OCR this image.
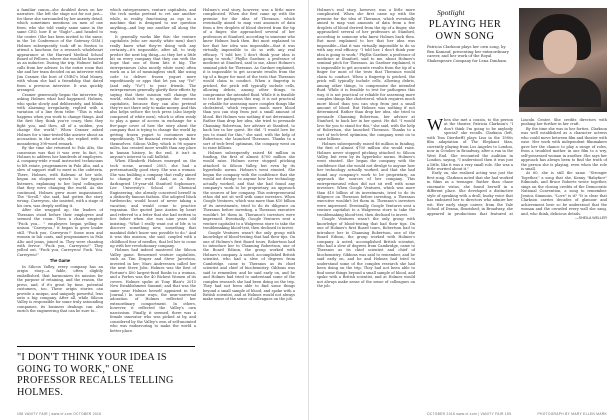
a familiar canon—she doubled down on her narrative. She left the stage not for not just—for these she surrounded by her anxiety detail, which sometimes mentions on men of one from, who she told vanity same same in the same CEO, how E or "Eagle"—and headed to the center. (She has been invited to the same, in the 1st Conference of the Gateway GSM.) Holmes subsequently took off in Boston to attend a luncheon for a research wholeheart appearance at the Harvard Medical School Board of Fellows, where she would be honored as an inductee. During the trip, Holmes' failed calls from her adviser. In the entire room that she and her team decided on an interview with Jim Cramer, the host of CNBC's Mad Money, with whom she had a friendship that dated from a previous interview. It was quickly arranged.

Cramer generously began the interview by asking Holmes what had happened. Holmes, who spoke slowly and deliberately, and blinks with alarming irregularity, replied with a variation of a line from tribe: "This is what happens when you work to change things. And the first they think you're crazy, then they fight you, and then, all of a sudden, you change the world." When Cramer asked Holmes for a time-tested-like answer about an accusation in the article, she replied with a meandering 398-word remark.

By the time she returned to Palo Alto, the consensus was that it was over. In fact, to Holmes to address her hundreds of employees. A company-wide e-mail instructed technicians to lift estate, programmers in Palo Alto, and a slew of support staff to meet in the cafeteria. There, Holmes, with Balwani at her side, began an eloquent speech to her typical listeners, explaining to her loyal colleagues that they were changing the world. As she continued, Holmes grew more impassioned. The "Scroll," she said, had gotten the story wrong. Carreyrou, she insisted, with a stage of his own, was deeply rattling it.

After she wrapped up, the leaders of Theranos stood before their employees and seemed the room. Then a chant erupted: "Fuck you... " employees began yelling in unison. "Carreyrou," it began to grow louder still. "Fuck you, Carreyrou!" Some men and women in lab coats, and programmers in Palo Alto and jeans, joined in. They were chanting with fervor: "Fuck you, Carreyrou!" They yelled out, "Fuck you, Carreyrou! Fuck. You. Carreyrou!"

The Game

In Silicon Valley, every company has an origin story—a fable, often slightly embellished, that harmonizes its mission for the purpose of retaining, and the reason, the press, and, if it's great by time, potential customers, too. These origin stories can provide a unique, and uniquely powerful, lens onto a big company. After all, while Silicon Valley is responsible for some truly astounding companies, its business dealings can also enrich the engineering that can be sure to...

which entrepreneurs, venture capitalists, and the tech media pretend to vet one another while, in reality, functioning as ego in a machine that is designed to use question anything—and buy one another all along the way.

It generally works like this: the venture capitalists (who are mostly white men) don't really know what they're doing with any certainty—it's impossible, after all, to truly predict the next big thing—so they bet a little bit on every company that they can with the hope that one of them hits it big. The entrepreneurs (also mostly white men) often work on a lot of meaningless stuff, like using code to deliver frozen yogurt more expeditiously or apps that let you say "Yo!" (and only "Yo!") to your friends. The entrepreneurs generally glorify their efforts by saying that their mission will change the world, which tends to appease the venture capitalists, because they can also pretend they're not there only to make money. And this also helps seduce the tech press (also largely composed of white men), which is often ready to play a game of access in exchange for a five-page cover of how the story about the company that is trying to change the world by getting frozen yogurt to customers more expeditiously. The financial rewards speak for themselves. Silicon Valley, which is 98 square miles, has created more wealth than any place in human history. In the end, it isn't in anyone's interest to call bullshit.

When Elizabeth Holmes emerged on the tech scene, around 2003, she had a preternaturally good story. She was a woman. She was building a company that really aimed to change the world. And, as a then-darlingried 19-year-old Stanford Sophomore, Lee University's School of Chemical Engineering, she already conceived herself in a distinctly famous fashion. She adopted black turtlenecks; would boast of never taking a vacation; and would come to practice veganism. She quoted Jane Austen by heart and referred to a letter that she had written to her father when she was nine years old insisting, "What I really want out of life is to discover something new, something that mankind didn't know was possible to do." And it was this mission, she said, coupled with a childhood fear of needles, that led her to come up with her revolutionary company.

Holmes had indeed mastered the Silicon Valley game. Renowned venture capitalists, such as Tim Draper and Steve Jurvetson, invested in her; Marc Andreessen called her the next Steve Jobs. Holmes was the first of Fortune's 400 largest-fund Ronks to a woman, and a Forbes was the 40 Richest Women of its covers. Holmes spoke at Tony Blair's 2015 New Establishment Summit; and that was the same year Holmes herself appeared in the Journal.) In some ways, the near-universal adoration of Holmes reflected her extraordinary comportment. In others, however, it reflected the Valley's own narcissism. Finally, it seemed, there was a female innovator who was picked at by, and considered by the Valley's own of self-anointed who was endeavoring to make the world a better place.

Holmes's real story, however, was a little more complicated. When she first came up with the premise for the idea of Theranos, which eventually aimed to map vast amounts of data from a few droplets of blood derived from the tip of a finger, she approached several of her professors at Stanford, according to someone who knew Holmes back then. But most explained to her that her idea was impossible—that it was virtually impossible to do so with any real efficacy. "I told her, I don't think your idea is going to work," Phyllis Gardner, a professor of medicine at Stanford, said to me, about Holmes's seminal pitch for Theranos. As Gardner explained, it is impossible to get accurate results from the tip of a finger for most of the tests that Theranos would claim to conduct. When a fingertip is pricked, the prick will typically include cells, allowing debris, among other things, to compromise the intended fluid. While it is feasible to test for pathogens this way, it is not practical or reliable for assessing more complex things like cholesterol, which requires much more blood than you can stop from just a small amount of blood. But Holmes was nothing if not determined. Rather than drop her idea, she tried to persuade Channing Robertson, her adviser at Stanford, to back her in her quest. He did. "I would love for you to stand for this," she said, with the help of Robertson, she launched Theranos. Thanks to a sort of tech-level optimism, the company went on to raise billions.

Holmes subsequently raised $6 million in funding, the first of almost $700 million she would raise. Holmes never stopped pitching attached to Silicon Valley, but even by its hyperbolic norms. Holmes's went stunted. She began the company with the confidence that she would not divulge to anyone how her technology actually worked, and that she had found any company's work to be proprietary, an approach the sources of her company. This entrepreneurial ethos did not sit well with some investors. When Google Ventures, which was more than $10 billion of its investments, tried to do its diligence on Theranos before investing, a Theranos executive wouldn't let them in. Theranos's investors were impressed. Eventually, Google Ventures sent a venture capitalist to a Walgreens store to take the troublemaking blood-test, then declined to invest.

Google Ventures wasn't the only group with knowledge of blood-testing that had their tips. On one of Holmes's first Board tours, Robertson had to introduce her to Channing Robertson, one of the Board Edison, the group worked with Holmes's company. A noted, accomplished British scientist, who had a slew of degrees from Cambridge, came to Theranos as its chief scientist and chief of biochemistry. Gibbons was said to remember, and he said early on, and he and Holmes had tried to understand some of the complex research she had been doing on the trip. They had not been able to find some things beyond a small sample of blood, and spoke with a British scientist, and at Holmes would not always make sense of the sense of colleagues on the job.

"I DON'T THINK YOUR IDEA IS GOING TO WORK," ONE PROFESSOR RECALLS TELLING HOLMES.
158 VANITY FAIR | www.vf.com OCTOBER 2016

Holmes's real story, however, was a little more complicated. When she first came up with the premise for the idea of Theranos, which eventually aimed to map vast amounts of data from a few droplets of blood derived from the tip of a finger, she approached several of her professors at Stanford, according to someone who knew Holmes back then. But most explained to her that her idea was impossible—that it was virtually impossible to do so with any real efficacy. "I told her, I don't think your idea is going to work," Phyllis Gardner, a professor of medicine at Stanford, said to me, about Holmes's seminal pitch for Theranos. As Gardner explained, it is impossible to get accurate results from the tip of a finger for most of the tests that Theranos would claim to conduct. When a fingertip is pricked, the prick will typically include cells, allowing debris, among other things, to compromise the intended fluid. While it is feasible to test for pathogens this way, it is not practical or reliable for assessing more complex things like cholesterol, which requires much more blood than you can stop from just a small amount of blood. But Holmes was nothing if not determined. Rather than drop her idea, she tried to persuade Channing Robertson, her adviser at Stanford, to back her in her quest. He did. "I would love for you to stand for this," she said, with the help of Robertson, she launched Theranos. Thanks to a sort of tech-level optimism, the company went on to raise billions.

Holmes subsequently raised $6 million in funding, the first of almost $700 million she would raise. Holmes never stopped pitching attached to Silicon Valley, but even by its hyperbolic norms. Holmes's went stunted. She began the company with the confidence that she would not divulge to anyone how her technology actually worked, and that she had found any company's work to be proprietary, an approach the sources of her company. This entrepreneurial ethos did not sit well with some investors. When Google Ventures, which was more than $10 billion of its investments, tried to do its diligence on Theranos before investing, a Theranos executive wouldn't let them in. Theranos's investors were impressed. Eventually, Google Ventures sent a venture capitalist to a Walgreens store to take the troublemaking blood-test, then declined to invest.

Google Ventures wasn't the only group with knowledge of blood-testing that had their tips. On one of Holmes's first Board tours, Robertson had to introduce her to Channing Robertson, one of the Board Edison, the group worked with Holmes's company. A noted, accomplished British scientist, who had a slew of degrees from Cambridge, came to Theranos as its chief scientist and chief of biochemistry. Gibbons was said to remember, and he said early on, and he and Holmes had tried to understand some of the complex research she had been doing on the trip. They had not been able to find some things beyond a small sample of blood, and spoke with a British scientist, and at Holmes would not always make sense of the sense of colleagues on the job.

Spotlight
PLAYING HER OWN SONG
Patricia Clarkson plays her own song, by Ben Kamauf, presenting her extraordinary career, and her work of the Royal Shakespeare Company for Lena Dunham.

When she met a cousin, to the person at the theater, Patricia Clarkson's "I don't think I'm going to be anybody special" she recalls. Clarkson (left, with Tom Dierdorff) plays Lisa in the 1980s film adaptation of The Elephant Man, currently playing from Los Angeles to London, now in October in Broadway, after a run in the West End. She recounted the audition in London, saying, "I understood then it was just a little, like it was a very small role. She was a little worried about it."

Early on, she realized acting was just the first song. Clarkson noted that she had worked in films as a teenager. Rather than chase cinematic vistas, she found herself in a different place. She developed a distinctive style of speaking with a droll, husky voice that has endeared her to directors who admire her wit. Her early stage career, from the Yale School of Drama, flourished; in Broadway, she appeared in productions that featured at Lincoln Center. She credits directors with pushing her further in her craft.

By the time she was in her forties, Clarkson was well established as a character actress who could move between film and theater with ease. Her work with independent filmmakers gave her the chance to play a range of roles, from a troubled mother in one film to a wry, self-possessed woman in another. She says her approach has always been to find the truth of the person she is playing, even when the role is small.

At 60, she is still the same. "Stronger Together," a song that she, Kenny "Babyface" Edmonds, and Bruce Roberts wrote together, sings on the closing credits of the Democratic National Convention, a song to remember. Jessica Simmons, "Love" is it? "It is clear that Clarkson carries decades of glamour and achievement here so be understood that the woman and the crowded every wall she sang, and, who think, delicious details.

—SHEILA WELLER

OCTOBER 2016 www.vf.com | VANITY FAIR 159	PHOTOGRAPH BY MARY ELLEN MARK
